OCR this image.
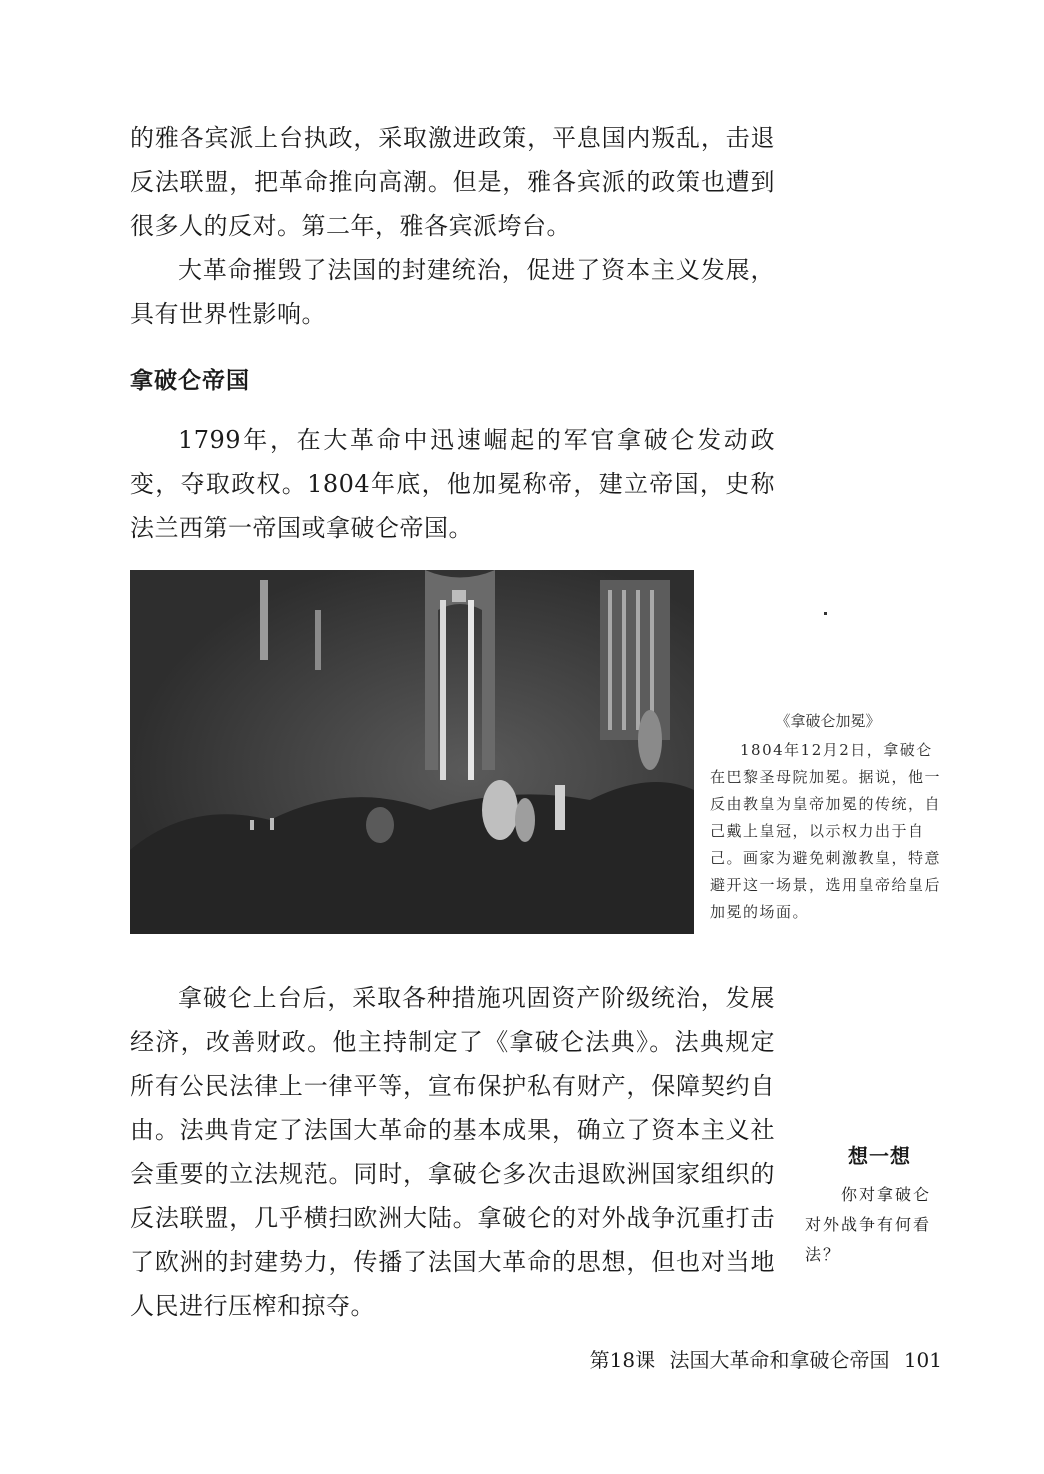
的雅各宾派上台执政，采取激进政策，平息国内叛乱，击退反法联盟，把革命推向高潮。但是，雅各宾派的政策也遭到很多人的反对。第二年，雅各宾派垮台。

大革命摧毁了法国的封建统治，促进了资本主义发展，具有世界性影响。

拿破仑帝国

1799年，在大革命中迅速崛起的军官拿破仑发动政变，夺取政权。1804年底，他加冕称帝，建立帝国，史称法兰西第一帝国或拿破仑帝国。

《拿破仑加冕》

1804年12月2日，拿破仑在巴黎圣母院加冕。据说，他一反由教皇为皇帝加冕的传统，自己戴上皇冠，以示权力出于自己。画家为避免刺激教皇，特意避开这一场景，选用皇帝给皇后加冕的场面。

拿破仑上台后，采取各种措施巩固资产阶级统治，发展经济，改善财政。他主持制定了《拿破仑法典》。法典规定所有公民法律上一律平等，宣布保护私有财产，保障契约自由。法典肯定了法国大革命的基本成果，确立了资本主义社会重要的立法规范。同时，拿破仑多次击退欧洲国家组织的反法联盟，几乎横扫欧洲大陆。拿破仑的对外战争沉重打击了欧洲的封建势力，传播了法国大革命的思想，但也对当地人民进行压榨和掠夺。

想一想

你对拿破仑对外战争有何看法？

第18课 法国大革命和拿破仑帝国 101
